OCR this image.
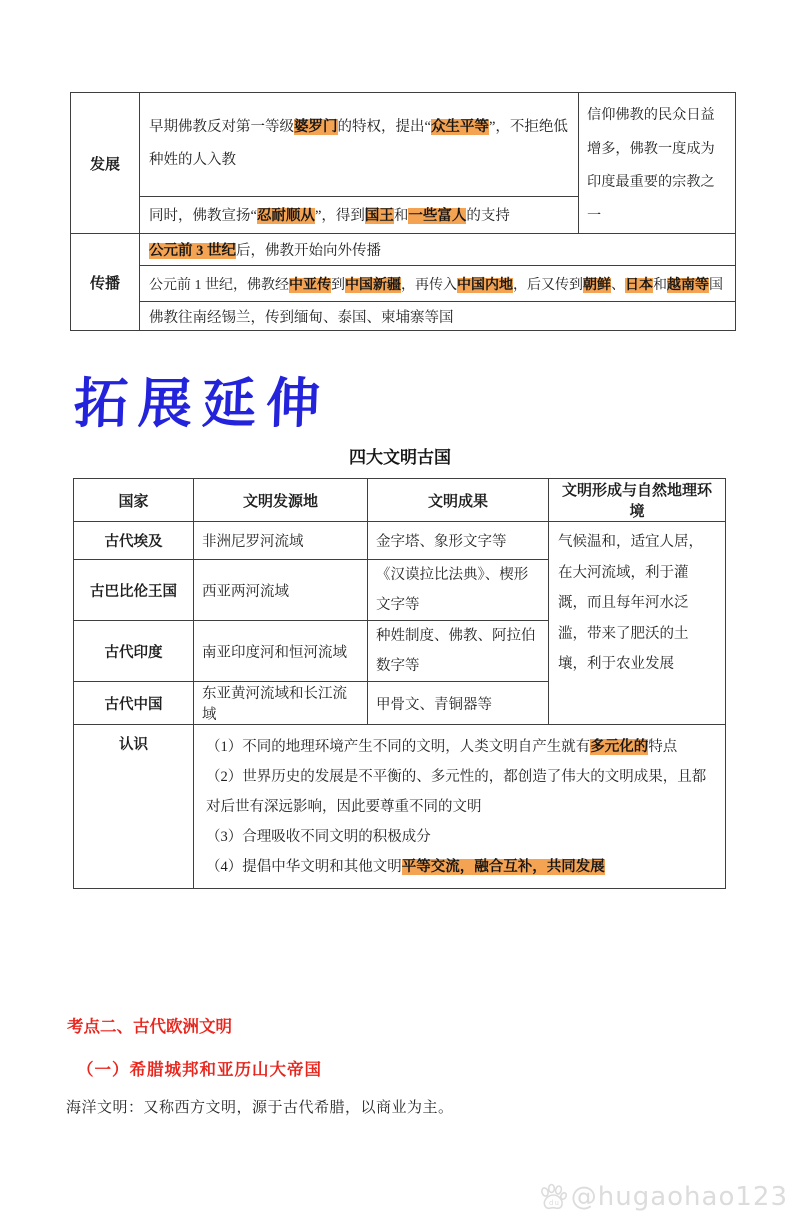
发展	早期佛教反对第一等级婆罗门的特权，提出“众生平等”，不拒绝低种姓的人入教	信仰佛教的民众日益增多，佛教一度成为印度最重要的宗教之一

	同时，佛教宣扬“忍耐顺从”，得到国王和一些富人的支持	

传播	公元前 3 世纪后，佛教开始向外传播	

	公元前 1 世纪，佛教经中亚传到中国新疆，再传入中国内地，后又传到朝鲜、日本和越南等国	

	佛教往南经锡兰，传到缅甸、泰国、柬埔寨等国	
拓展延伸
四大文明古国
国家	文明发源地	文明成果	文明形成与自然地理环境
古代埃及	非洲尼罗河流域	金字塔、象形文字等	气候温和，适宜人居，在大河流域，利于灌溉，而且每年河水泛滥，带来了肥沃的土壤，利于农业发展

古巴比伦王国	西亚两河流域	《汉谟拉比法典》、楔形文字等	
古代印度	南亚印度河和恒河流域	种姓制度、佛教、阿拉伯数字等	
古代中国	东亚黄河流域和长江流域	甲骨文、青铜器等	
认识	（1）不同的地理环境产生不同的文明，人类文明自产生就有多元化的特点
（2）世界历史的发展是不平衡的、多元性的，都创造了伟大的文明成果，且都对后世有深远影响，因此要尊重不同的文明
（3）合理吸收不同文明的积极成分
（4）提倡中华文明和其他文明平等交流，融合互补，共同发展		
考点二、古代欧洲文明
（一）希腊城邦和亚历山大帝国
海洋文明：又称西方文明，源于古代希腊，以商业为主。
du @hugaohao123
